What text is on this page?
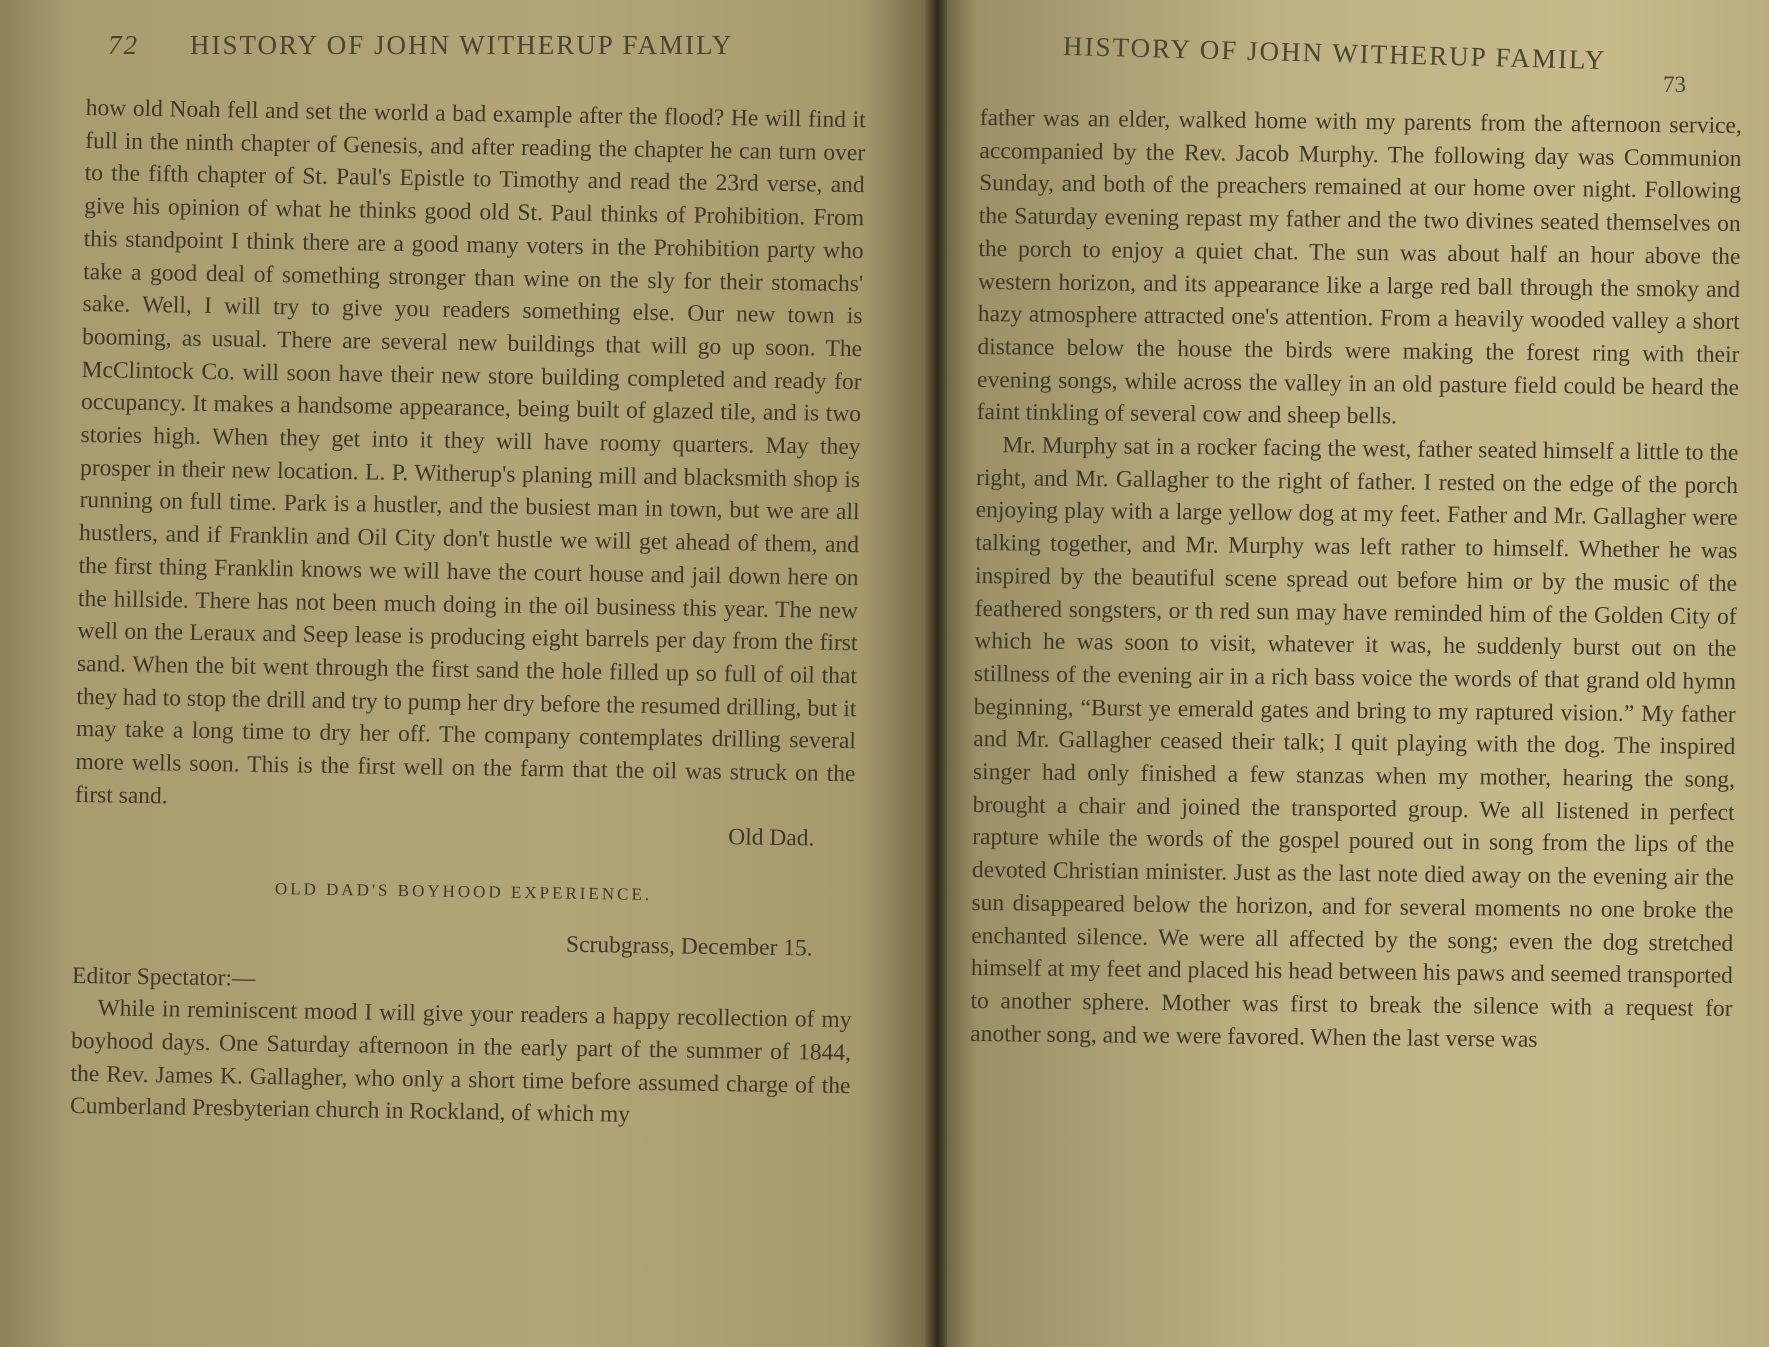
72 HISTORY OF JOHN WITHERUP FAMILY

how old Noah fell and set the world a bad example after the flood? He will find it full in the ninth chapter of Genesis, and after reading the chapter he can turn over to the fifth chapter of St. Paul's Epistle to Timothy and read the 23rd verse, and give his opinion of what he thinks good old St. Paul thinks of Prohibition. From this standpoint I think there are a good many voters in the Prohibition party who take a good deal of something stronger than wine on the sly for their stomachs' sake. Well, I will try to give you readers something else. Our new town is booming, as usual. There are several new buildings that will go up soon. The McClintock Co. will soon have their new store building completed and ready for occupancy. It makes a handsome appearance, being built of glazed tile, and is two stories high. When they get into it they will have roomy quarters. May they prosper in their new location. L. P. Witherup's planing mill and blacksmith shop is running on full time. Park is a hustler, and the busiest man in town, but we are all hustlers, and if Franklin and Oil City don't hustle we will get ahead of them, and the first thing Franklin knows we will have the court house and jail down here on the hillside. There has not been much doing in the oil business this year. The new well on the Leraux and Seep lease is producing eight barrels per day from the first sand. When the bit went through the first sand the hole filled up so full of oil that they had to stop the drill and try to pump her dry before the resumed drilling, but it may take a long time to dry her off. The company contemplates drilling several more wells soon. This is the first well on the farm that the oil was struck on the first sand.

Old Dad.
OLD DAD'S BOYHOOD EXPERIENCE.
Scrubgrass, December 15.
Editor Spectator:—

While in reminiscent mood I will give your readers a happy recollection of my boyhood days. One Saturday afternoon in the early part of the summer of 1844, the Rev. James K. Gallagher, who only a short time before assumed charge of the Cumberland Presbyterian church in Rockland, of which my

HISTORY OF JOHN WITHERUP FAMILY
73

father was an elder, walked home with my parents from the afternoon service, accompanied by the Rev. Jacob Murphy. The following day was Communion Sunday, and both of the preachers remained at our home over night. Following the Saturday evening repast my father and the two divines seated themselves on the porch to enjoy a quiet chat. The sun was about half an hour above the western horizon, and its appearance like a large red ball through the smoky and hazy atmosphere attracted one's attention. From a heavily wooded valley a short distance below the house the birds were making the forest ring with their evening songs, while across the valley in an old pasture field could be heard the faint tinkling of several cow and sheep bells.

Mr. Murphy sat in a rocker facing the west, father seated himself a little to the right, and Mr. Gallagher to the right of father. I rested on the edge of the porch enjoying play with a large yellow dog at my feet. Father and Mr. Gallagher were talking together, and Mr. Murphy was left rather to himself. Whether he was inspired by the beautiful scene spread out before him or by the music of the feathered songsters, or th red sun may have reminded him of the Golden City of which he was soon to visit, whatever it was, he suddenly burst out on the stillness of the evening air in a rich bass voice the words of that grand old hymn beginning, “Burst ye emerald gates and bring to my raptured vision.” My father and Mr. Gallagher ceased their talk; I quit playing with the dog. The inspired singer had only finished a few stanzas when my mother, hearing the song, brought a chair and joined the transported group. We all listened in perfect rapture while the words of the gospel poured out in song from the lips of the devoted Christian minister. Just as the last note died away on the evening air the sun disappeared below the horizon, and for several moments no one broke the enchanted silence. We were all affected by the song; even the dog stretched himself at my feet and placed his head between his paws and seemed transported to another sphere. Mother was first to break the silence with a request for another song, and we were favored. When the last verse was
